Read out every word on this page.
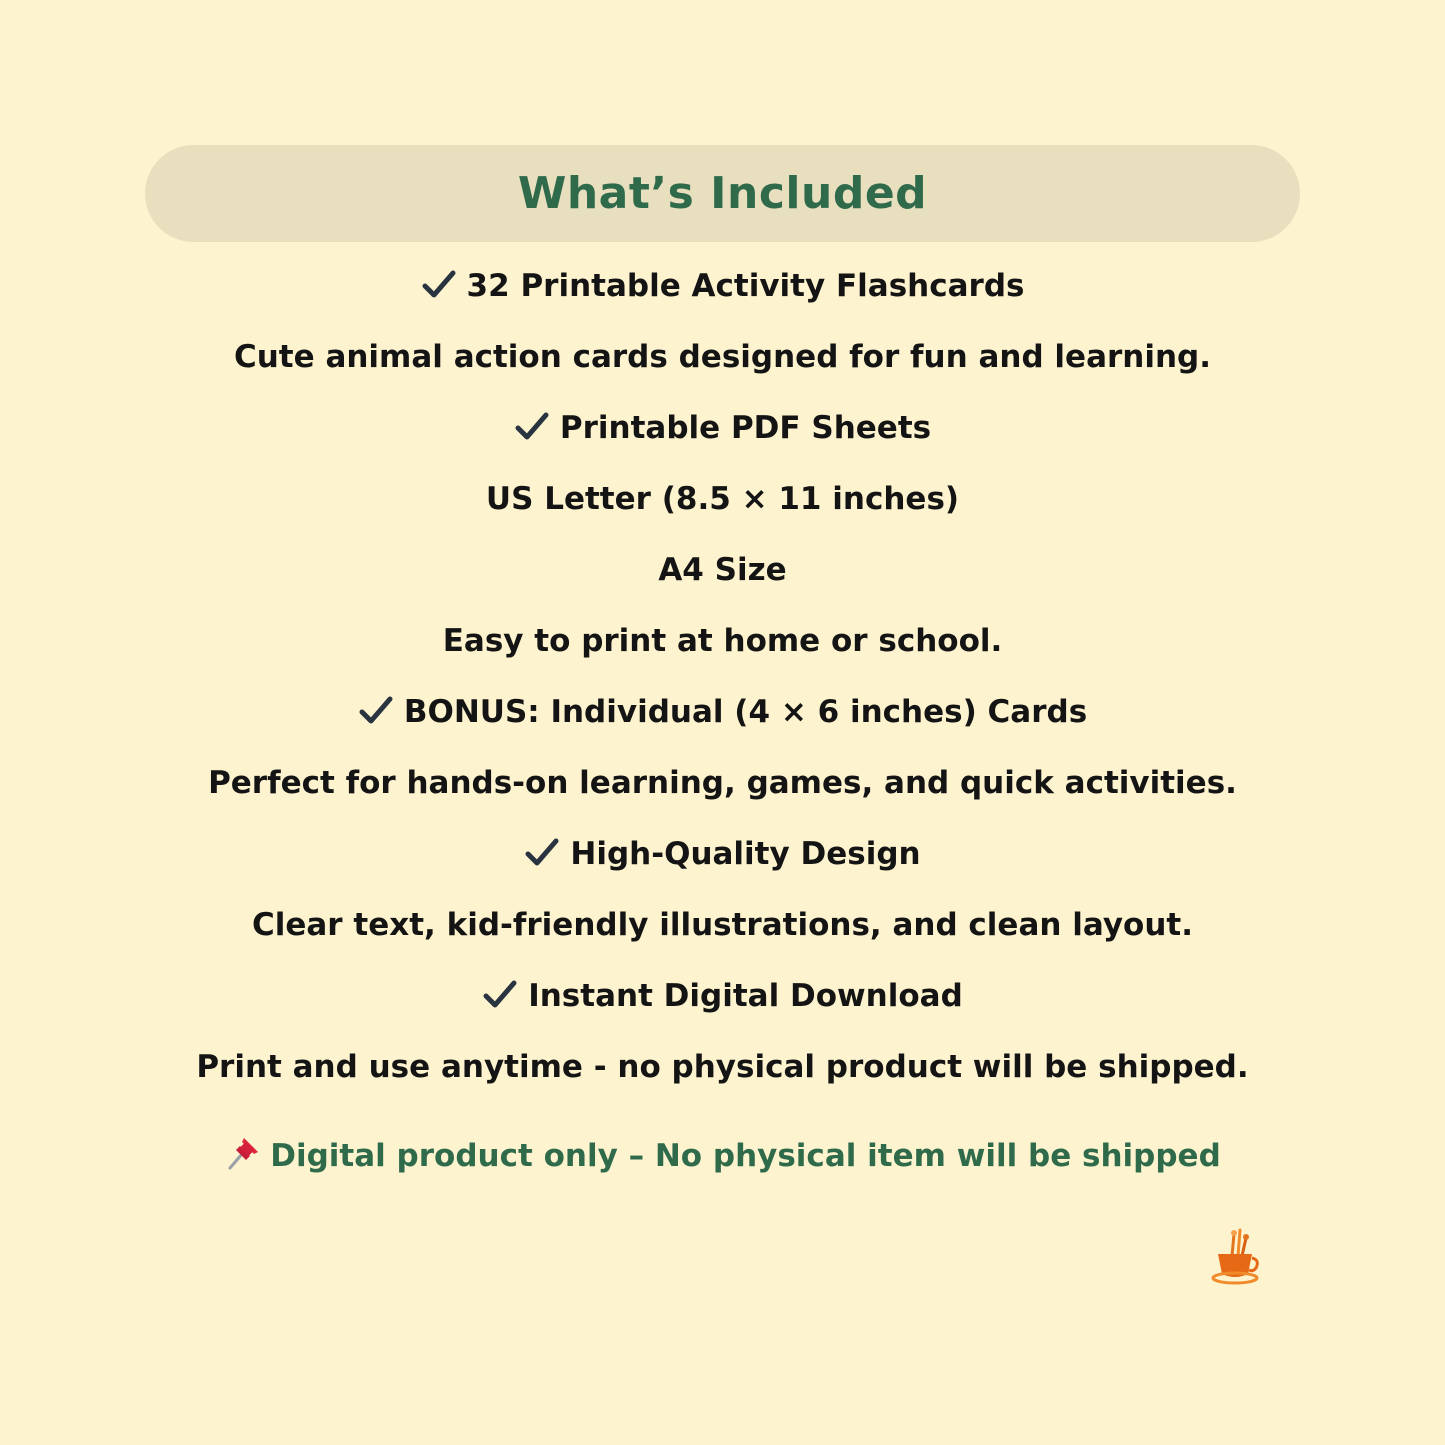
What’s Included
32 Printable Activity Flashcards
Cute animal action cards designed for fun and learning.
Printable PDF Sheets
US Letter (8.5 × 11 inches)
A4 Size
Easy to print at home or school.
BONUS: Individual (4 × 6 inches) Cards
Perfect for hands-on learning, games, and quick activities.
High-Quality Design
Clear text, kid-friendly illustrations, and clean layout.
Instant Digital Download
Print and use anytime - no physical product will be shipped.
Digital product only – No physical item will be shipped
